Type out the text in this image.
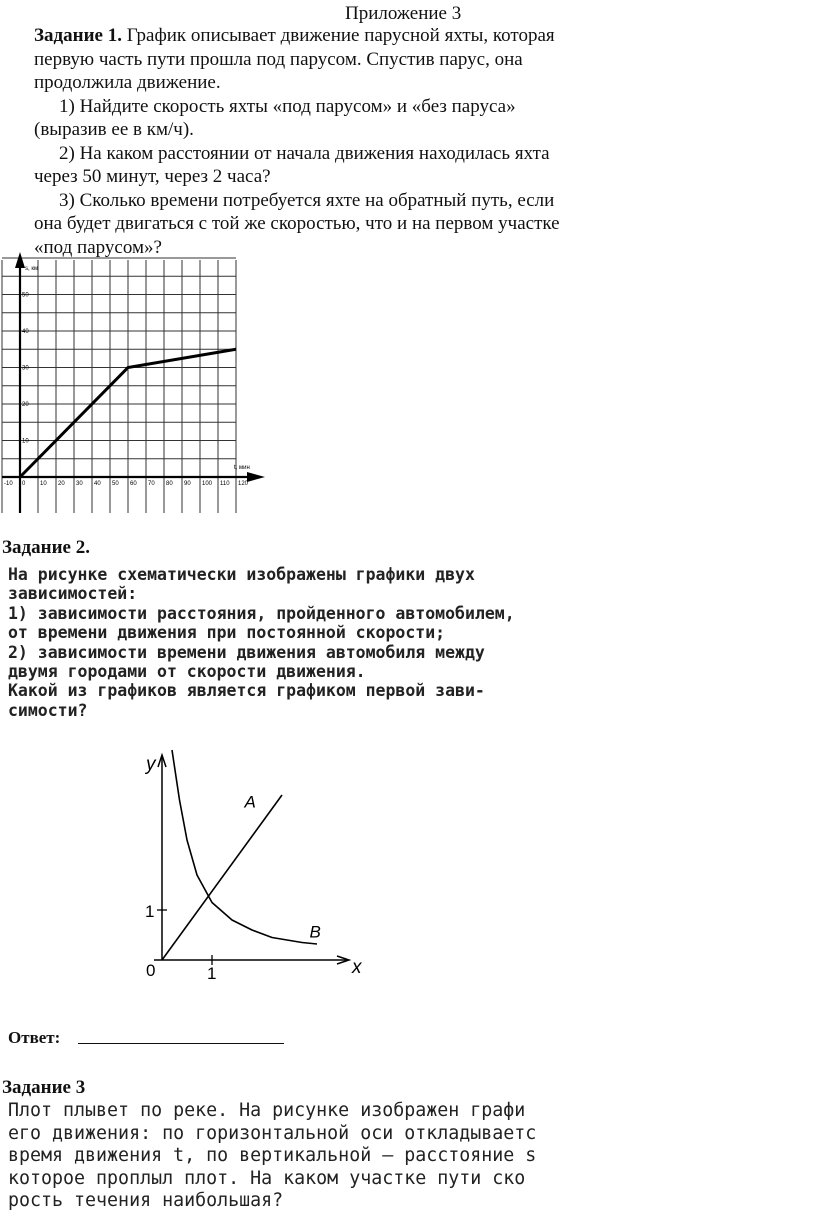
Приложение 3

Задание 1. График описывает движение парусной яхты, которая первую часть пути прошла под парусом. Спустив парус, она продолжила движение.

1) Найдите скорость яхты «под парусом» и «без паруса» (выразив ее в км/ч).

2) На каком расстоянии от начала движения находилась яхта через 50 минут, через 2 часа?

3) Сколько времени потребуется яхте на обратный путь, если она будет двигаться с той же скоростью, что и на первом участке «под парусом»?

s, км
t, мин
-10 0 10 20 30 40 50 60 70 80 90 100 110 120
10
20
30
40
50
Задание 2.
На рисунке схематически изображены графики двух
зависимостей:
1) зависимости расстояния, пройденного автомобилем,
от времени движения при постоянной скорости;
2) зависимости времени движения автомобиля между
двумя городами от скорости движения.
Какой из графиков является графиком первой зави-
симости?
0	1
1
y
x
A
B
Ответ:
Задание 3
Плот плывет по реке. На рисунке изображен графи
его движения: по горизонтальной оси откладываетс
время движения t, по вертикальной — расстояние s
которое проплыл плот. На каком участке пути ско
рость течения наибольшая?
